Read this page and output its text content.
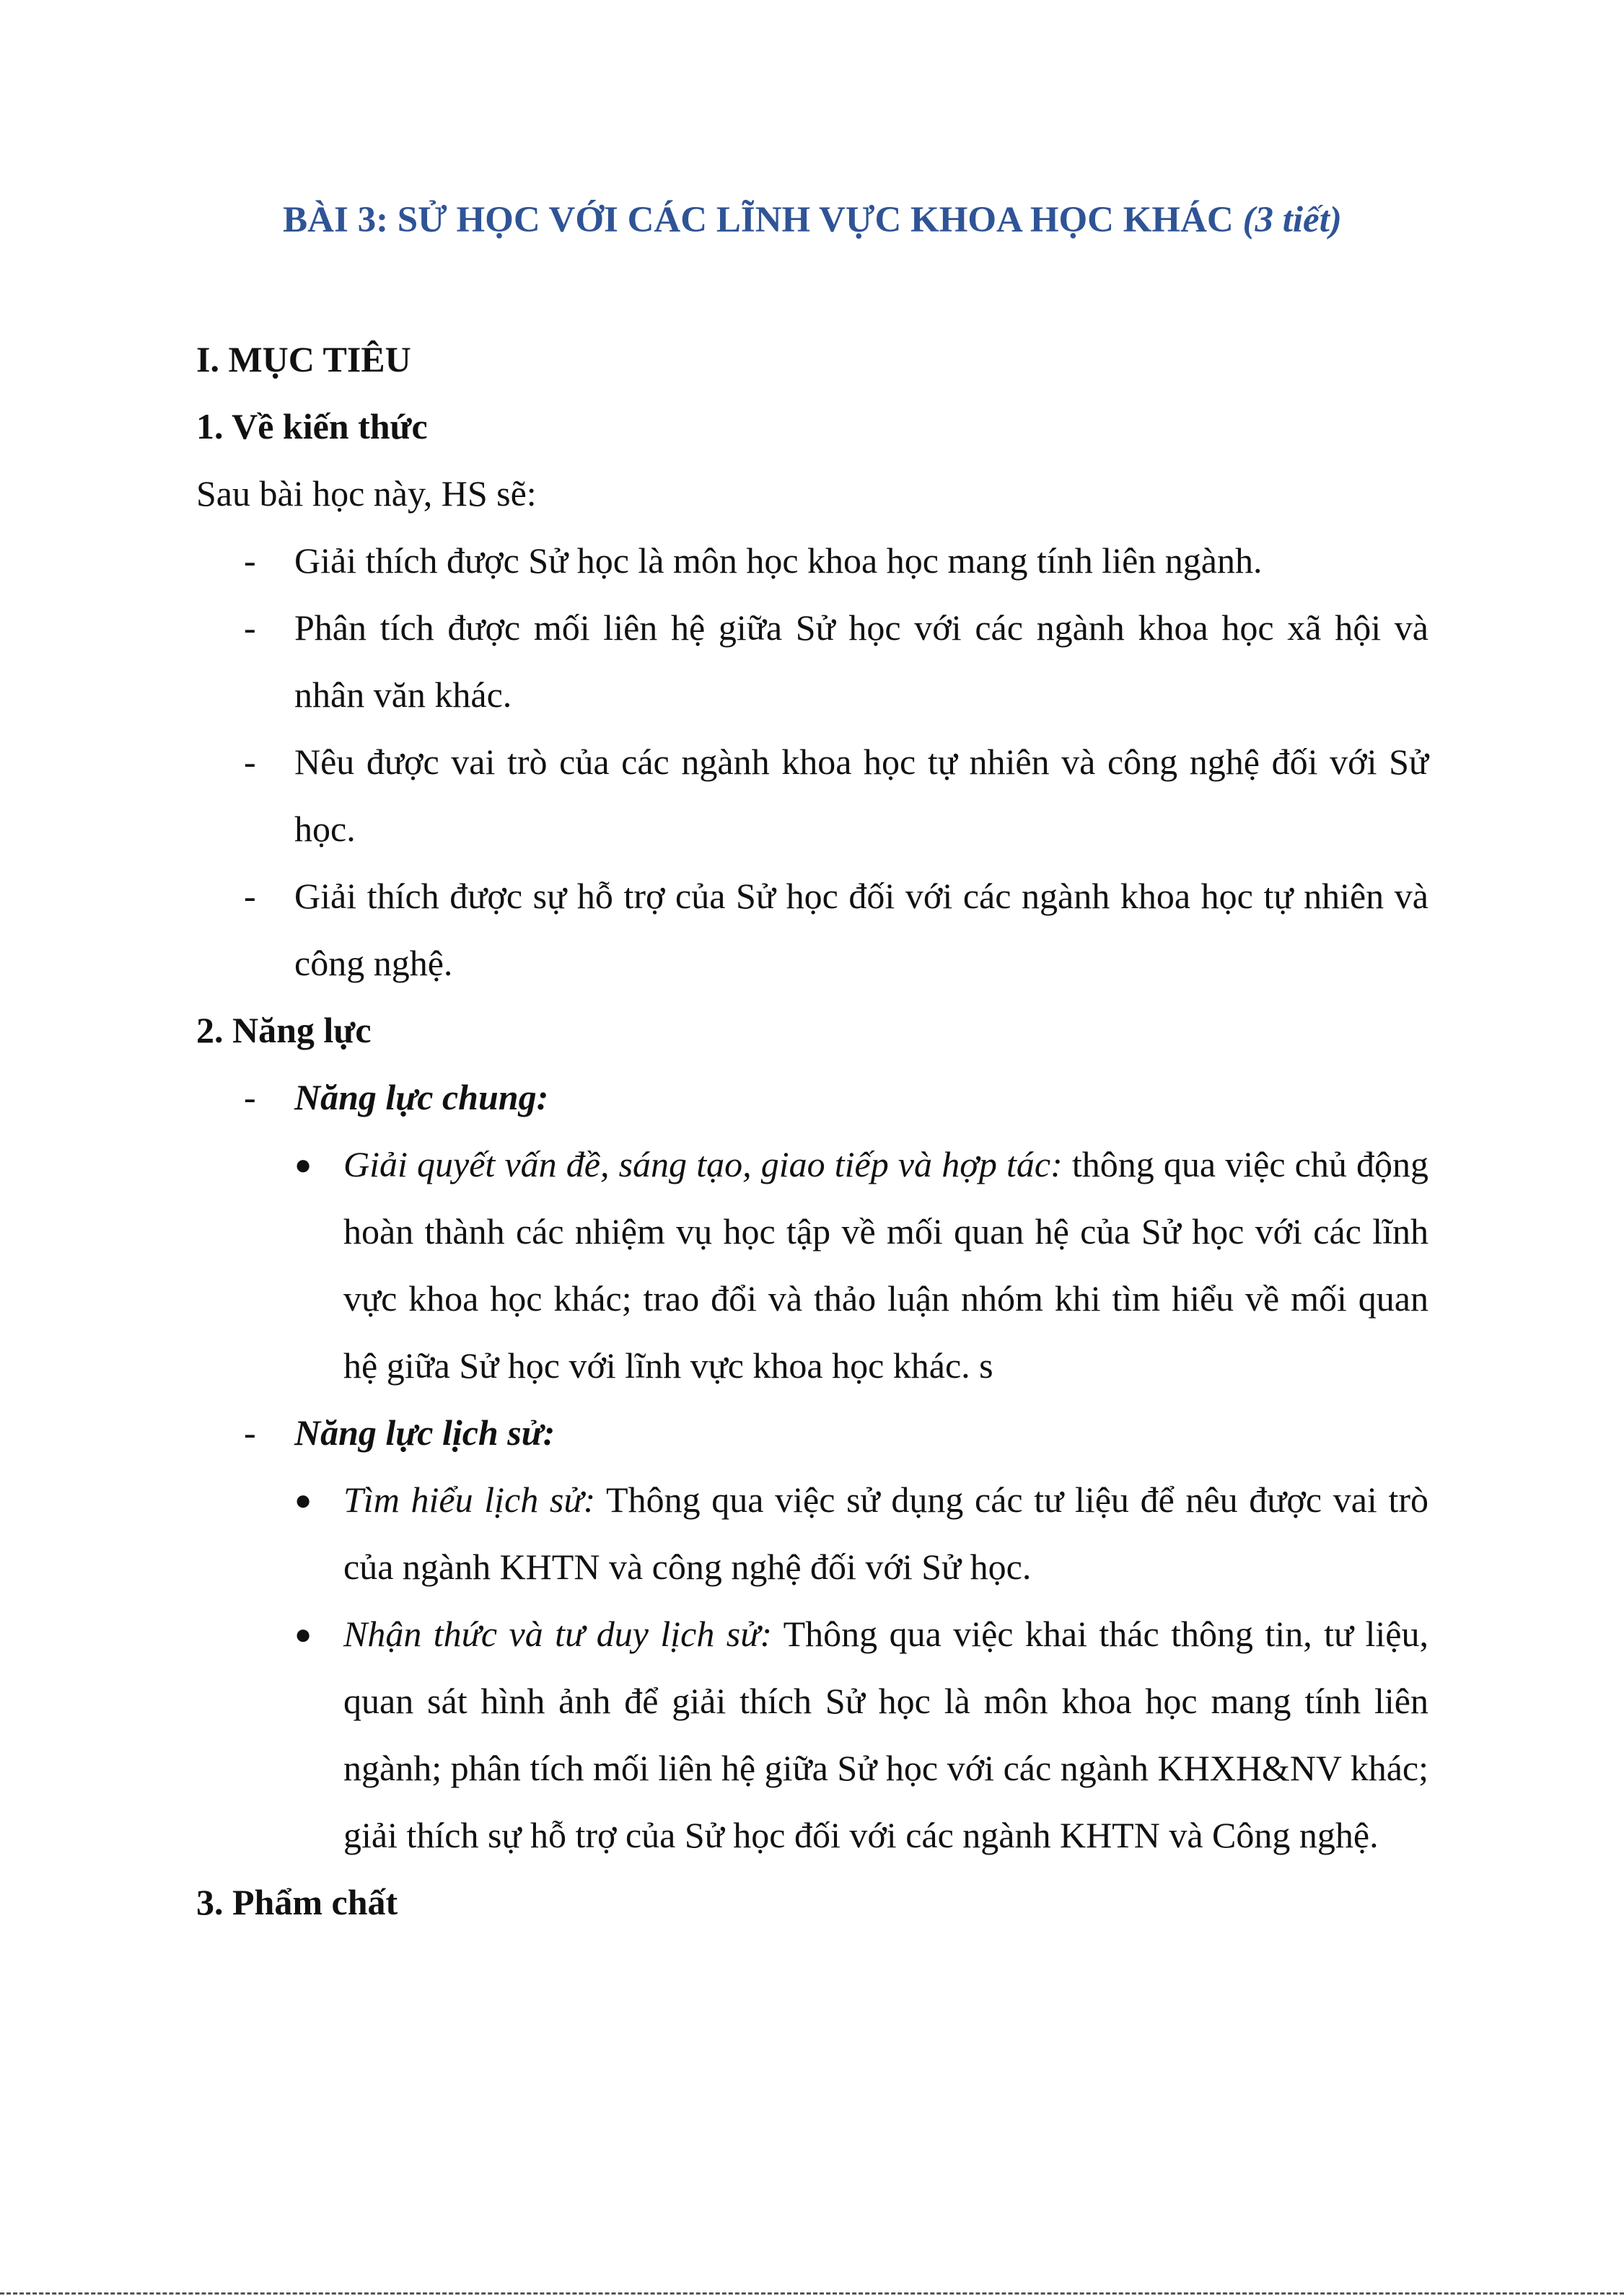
BÀI 3: SỬ HỌC VỚI CÁC LĨNH VỰC KHOA HỌC KHÁC (3 tiết)

I. MỤC TIÊU

1. Về kiến thức

Sau bài học này, HS sẽ:

- Giải thích được Sử học là môn học khoa học mang tính liên ngành.
- Phân tích được mối liên hệ giữa Sử học với các ngành khoa học xã hội và nhân văn khác.
- Nêu được vai trò của các ngành khoa học tự nhiên và công nghệ đối với Sử học.
- Giải thích được sự hỗ trợ của Sử học đối với các ngành khoa học tự nhiên và công nghệ.

2. Năng lực

- Năng lực chung:
● Giải quyết vấn đề, sáng tạo, giao tiếp và hợp tác: thông qua việc chủ động hoàn thành các nhiệm vụ học tập về mối quan hệ của Sử học với các lĩnh vực khoa học khác; trao đổi và thảo luận nhóm khi tìm hiểu về mối quan hệ giữa Sử học với lĩnh vực khoa học khác. s
- Năng lực lịch sử:
● Tìm hiểu lịch sử: Thông qua việc sử dụng các tư liệu để nêu được vai trò của ngành KHTN và công nghệ đối với Sử học.
● Nhận thức và tư duy lịch sử: Thông qua việc khai thác thông tin, tư liệu, quan sát hình ảnh để giải thích Sử học là môn khoa học mang tính liên ngành; phân tích mối liên hệ giữa Sử học với các ngành KHXH&NV khác; giải thích sự hỗ trợ của Sử học đối với các ngành KHTN và Công nghệ.

3. Phẩm chất
